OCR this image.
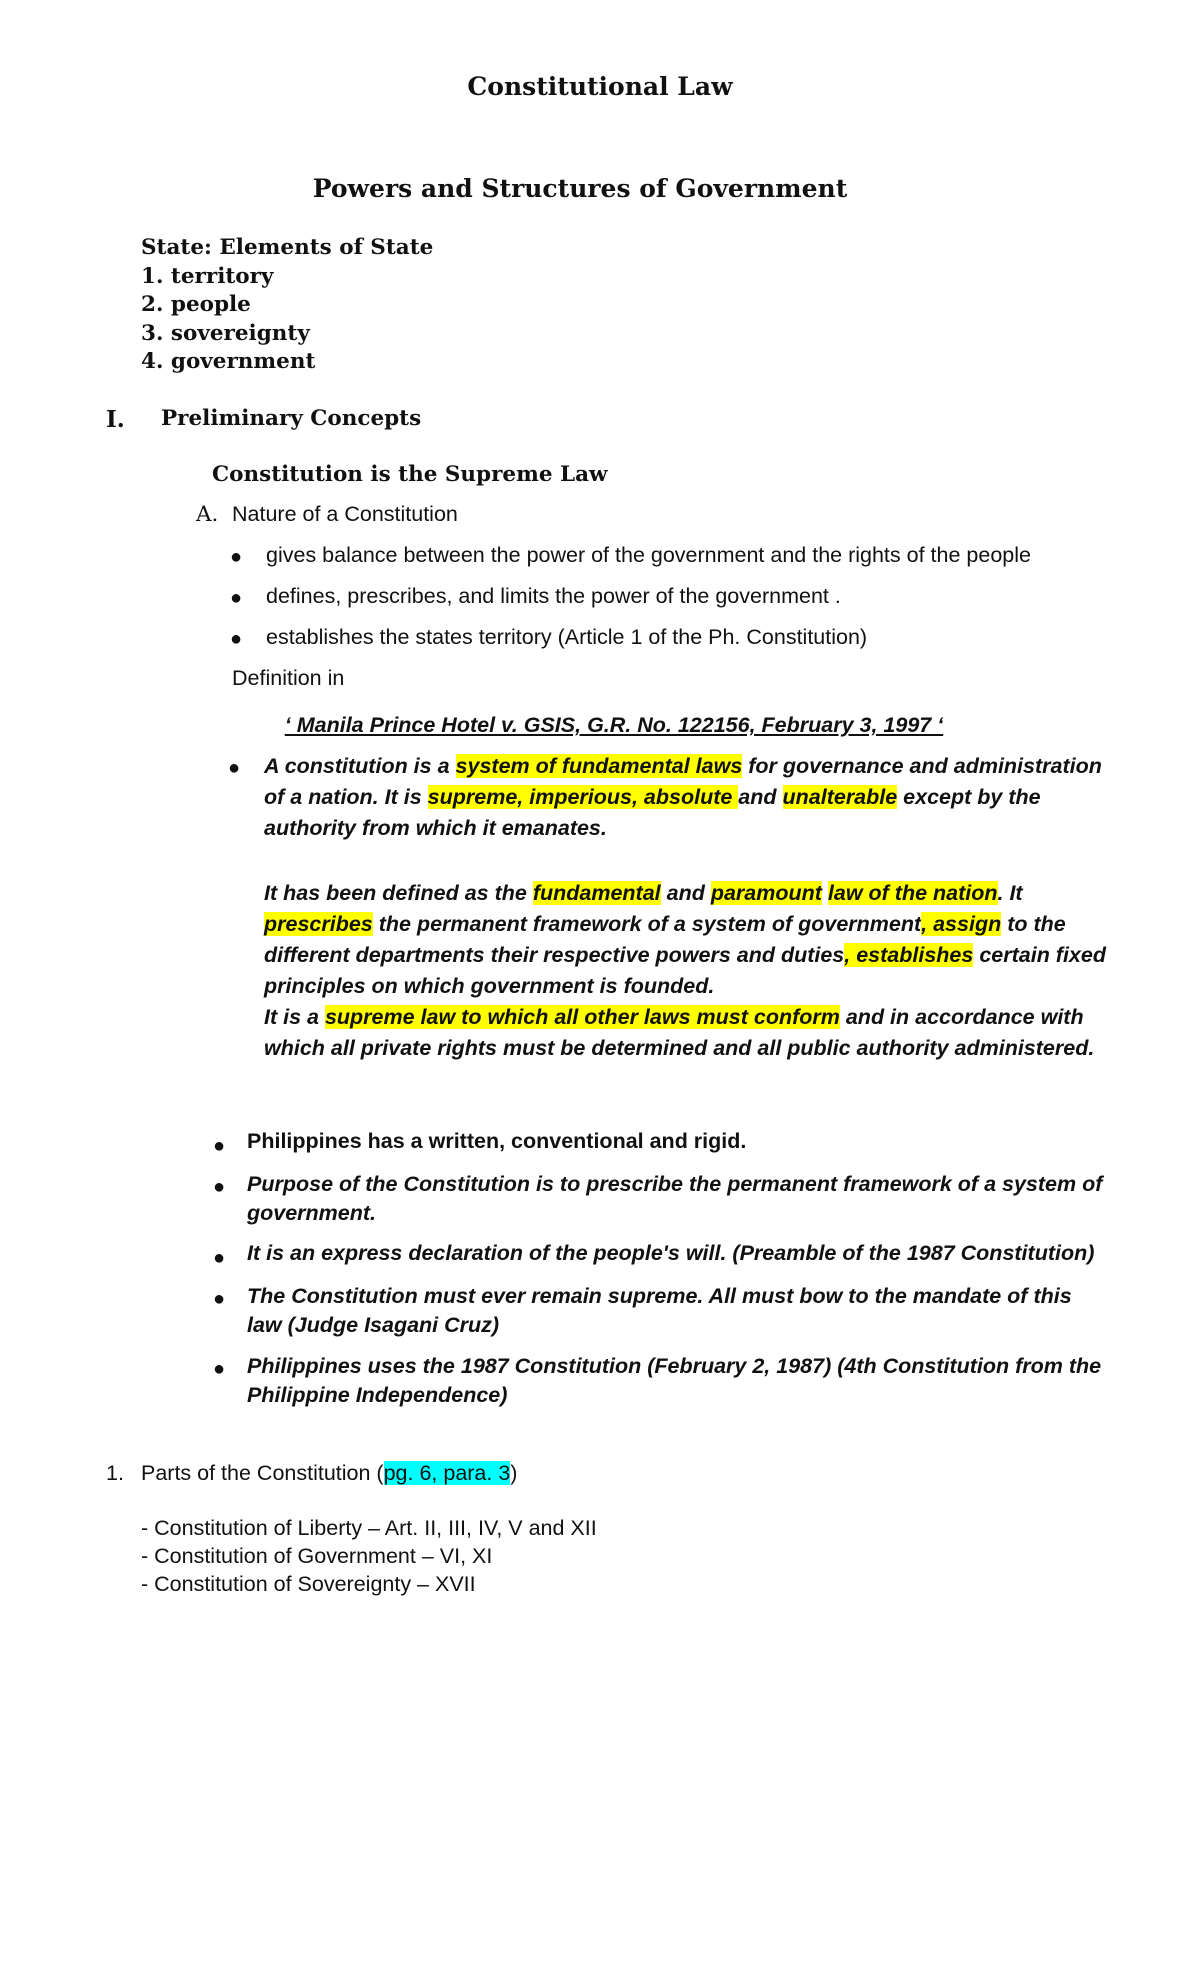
Constitutional Law
Powers and Structures of Government
State: Elements of State
1. territory
2. people
3. sovereignty
4. government
I. Preliminary Concepts
Constitution is the Supreme Law
A. Nature of a Constitution
● gives balance between the power of the government and the rights of the people
● defines, prescribes, and limits the power of the government .
● establishes the states territory (Article 1 of the Ph. Constitution)
Definition in
‘ Manila Prince Hotel v. GSIS, G.R. No. 122156, February 3, 1997 ‘
● A constitution is a system of fundamental laws for governance and administration of a nation. It is supreme, imperious, absolute and unalterable except by the authority from which it emanates.
It has been defined as the fundamental and paramount law of the nation. It prescribes the permanent framework of a system of government, assign to the different departments their respective powers and duties, establishes certain fixed principles on which government is founded.
It is a supreme law to which all other laws must conform and in accordance with which all private rights must be determined and all public authority administered.
● Philippines has a written, conventional and rigid.
● Purpose of the Constitution is to prescribe the permanent framework of a system of government.
● It is an express declaration of the people's will. (Preamble of the 1987 Constitution)
● The Constitution must ever remain supreme. All must bow to the mandate of this law (Judge Isagani Cruz)
● Philippines uses the 1987 Constitution (February 2, 1987) (4th Constitution from the Philippine Independence)
1. Parts of the Constitution (pg. 6, para. 3)
- Constitution of Liberty – Art. II, III, IV, V and XII
- Constitution of Government – VI, XI
- Constitution of Sovereignty – XVII
